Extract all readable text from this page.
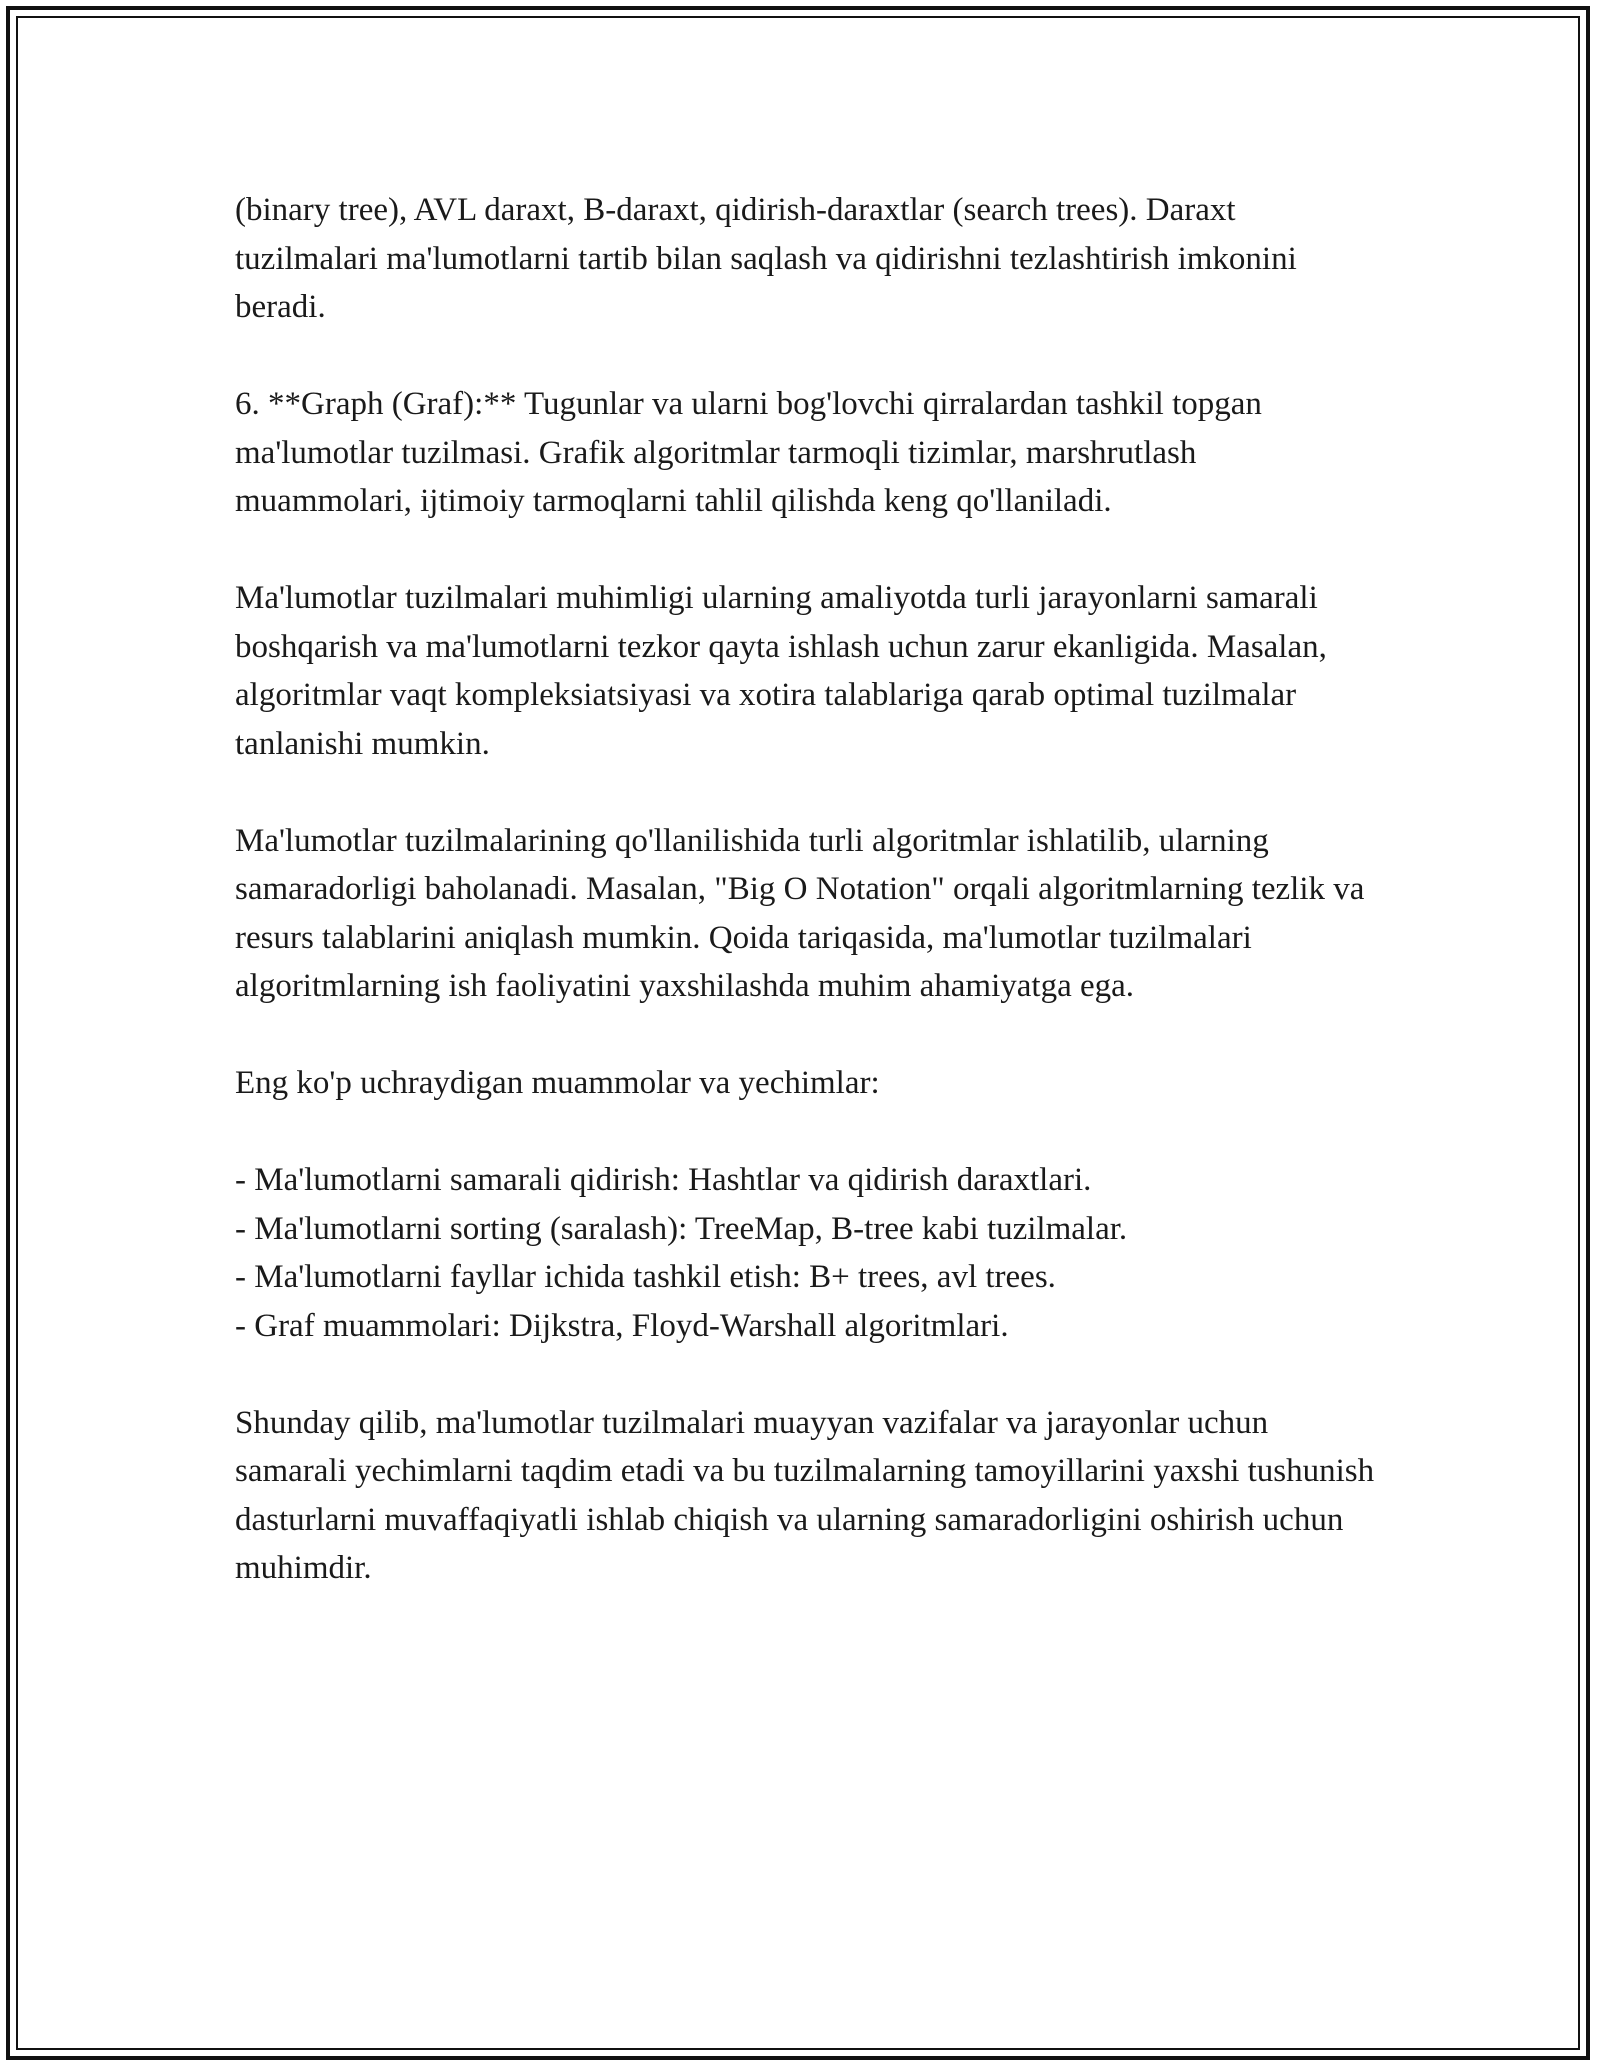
(binary tree), AVL daraxt, B-daraxt, qidirish-daraxtlar (search trees). Daraxt tuzilmalari ma'lumotlarni tartib bilan saqlash va qidirishni tezlashtirish imkonini beradi.

6. **Graph (Graf):** Tugunlar va ularni bog'lovchi qirralardan tashkil topgan ma'lumotlar tuzilmasi. Grafik algoritmlar tarmoqli tizimlar, marshrutlash muammolari, ijtimoiy tarmoqlarni tahlil qilishda keng qo'llaniladi.

Ma'lumotlar tuzilmalari muhimligi ularning amaliyotda turli jarayonlarni samarali boshqarish va ma'lumotlarni tezkor qayta ishlash uchun zarur ekanligida. Masalan, algoritmlar vaqt kompleksiatsiyasi va xotira talablariga qarab optimal tuzilmalar tanlanishi mumkin.

Ma'lumotlar tuzilmalarining qo'llanilishida turli algoritmlar ishlatilib, ularning samaradorligi baholanadi. Masalan, "Big O Notation" orqali algoritmlarning tezlik va resurs talablarini aniqlash mumkin. Qoida tariqasida, ma'lumotlar tuzilmalari algoritmlarning ish faoliyatini yaxshilashda muhim ahamiyatga ega.

Eng ko'p uchraydigan muammolar va yechimlar:

- Ma'lumotlarni samarali qidirish: Hashtlar va qidirish daraxtlari.
- Ma'lumotlarni sorting (saralash): TreeMap, B-tree kabi tuzilmalar.
- Ma'lumotlarni fayllar ichida tashkil etish: B+ trees, avl trees.
- Graf muammolari: Dijkstra, Floyd-Warshall algoritmlari.

Shunday qilib, ma'lumotlar tuzilmalari muayyan vazifalar va jarayonlar uchun samarali yechimlarni taqdim etadi va bu tuzilmalarning tamoyillarini yaxshi tushunish dasturlarni muvaffaqiyatli ishlab chiqish va ularning samaradorligini oshirish uchun muhimdir.
